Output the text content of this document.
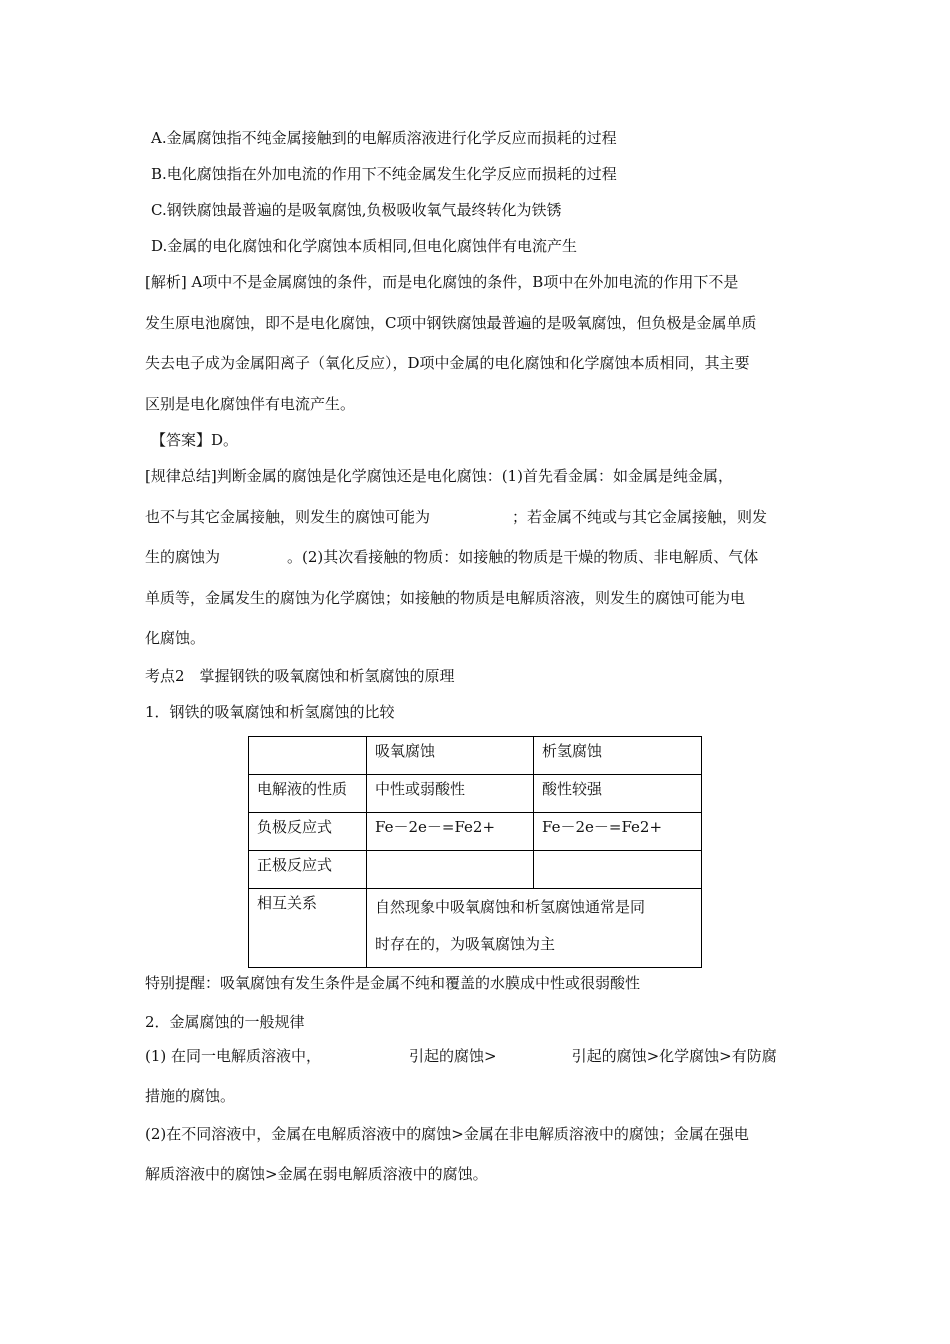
A.金属腐蚀指不纯金属接触到的电解质溶液进行化学反应而损耗的过程
B.电化腐蚀指在外加电流的作用下不纯金属发生化学反应而损耗的过程
C.钢铁腐蚀最普遍的是吸氧腐蚀,负极吸收氧气最终转化为铁锈
D.金属的电化腐蚀和化学腐蚀本质相同,但电化腐蚀伴有电流产生
[解析] A项中不是金属腐蚀的条件，而是电化腐蚀的条件，B项中在外加电流的作用下不是
发生原电池腐蚀，即不是电化腐蚀，C项中钢铁腐蚀最普遍的是吸氧腐蚀，但负极是金属单质
失去电子成为金属阳离子（氧化反应），D项中金属的电化腐蚀和化学腐蚀本质相同，其主要
区别是电化腐蚀伴有电流产生。
【答案】D。
[规律总结]判断金属的腐蚀是化学腐蚀还是电化腐蚀：(1)首先看金属：如金属是纯金属，
也不与其它金属接触，则发生的腐蚀可能为	；若金属不纯或与其它金属接触，则发
生的腐蚀为	。(2)其次看接触的物质：如接触的物质是干燥的物质、非电解质、气体
单质等，金属发生的腐蚀为化学腐蚀；如接触的物质是电解质溶液，则发生的腐蚀可能为电
化腐蚀。
考点2　掌握钢铁的吸氧腐蚀和析氢腐蚀的原理
1．钢铁的吸氧腐蚀和析氢腐蚀的比较
	吸氧腐蚀	析氢腐蚀
电解液的性质	中性或弱酸性	酸性较强
负极反应式	Fe－2e－=Fe2+	Fe－2e－=Fe2+
正极反应式		
相互关系	自然现象中吸氧腐蚀和析氢腐蚀通常是同
时存在的，为吸氧腐蚀为主	
特别提醒：吸氧腐蚀有发生条件是金属不纯和覆盖的水膜成中性或很弱酸性
2．金属腐蚀的一般规律
(1) 在同一电解质溶液中，	引起的腐蚀>	引起的腐蚀>化学腐蚀>有防腐
措施的腐蚀。
(2)在不同溶液中，金属在电解质溶液中的腐蚀>金属在非电解质溶液中的腐蚀；金属在强电
解质溶液中的腐蚀>金属在弱电解质溶液中的腐蚀。
